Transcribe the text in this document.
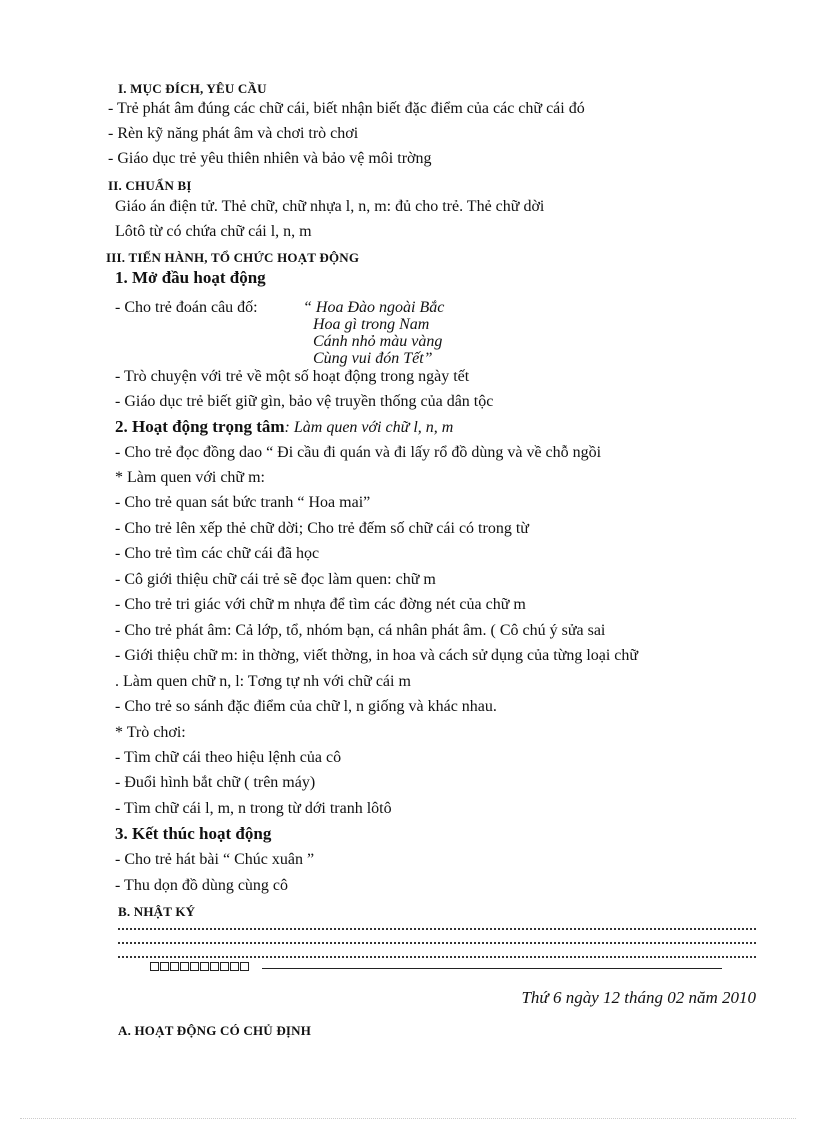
I. MỤC ĐÍCH, YÊU CẦU
- Trẻ phát âm đúng các chữ cái, biết nhận biết đặc điểm của các chữ cái đó
- Rèn kỹ năng phát âm và chơi trò chơi
- Giáo dục trẻ yêu thiên nhiên và bảo vệ môi trờng
II. CHUẨN BỊ
Giáo án điện tử. Thẻ chữ, chữ nhựa l, n, m: đủ cho trẻ. Thẻ chữ dời
Lôtô từ có chứa chữ cái l, n, m
III. TIẾN HÀNH, TỔ CHỨC HOẠT ĐỘNG
1. Mở đầu hoạt động
- Cho trẻ đoán câu đố:	“ Hoa Đào ngoài Bắc
Hoa gì trong Nam
Cánh nhỏ màu vàng
Cùng vui đón Tết”
- Trò chuyện với trẻ về một số hoạt động trong ngày tết
- Giáo dục trẻ biết giữ gìn, bảo vệ truyền thống của dân tộc
2. Hoạt động trọng tâm: Làm quen với chữ l, n, m
- Cho trẻ đọc đồng dao “ Đi cầu đi quán và đi lấy rổ đồ dùng và về chỗ ngồi
* Làm quen với chữ m:
- Cho trẻ quan sát bức tranh “ Hoa mai”
- Cho trẻ lên xếp thẻ chữ dời; Cho trẻ đếm số chữ cái có trong từ
- Cho trẻ tìm các chữ cái đã học
- Cô giới thiệu chữ cái trẻ sẽ đọc làm quen: chữ m
- Cho trẻ tri giác với chữ m nhựa để tìm các đờng nét của chữ m
- Cho trẻ phát âm: Cả lớp, tổ, nhóm bạn, cá nhân phát âm. ( Cô chú ý sửa sai
- Giới thiệu chữ m: in thờng, viết thờng, in hoa và cách sử dụng của từng loại chữ
. Làm quen chữ n, l: Tơng tự nh với chữ cái m
- Cho trẻ so sánh đặc điểm của chữ l, n giống và khác nhau.
* Trò chơi:
- Tìm chữ cái theo hiệu lệnh của cô
- Đuổi hình bắt chữ ( trên máy)
- Tìm chữ cái l, m, n trong từ dới tranh lôtô
3. Kết thúc hoạt động
- Cho trẻ hát bài “ Chúc xuân ”
- Thu dọn đồ dùng cùng cô
B. NHẬT KÝ
Thứ 6 ngày 12 tháng 02 năm 2010
A. HOẠT ĐỘNG CÓ CHỦ ĐỊNH
